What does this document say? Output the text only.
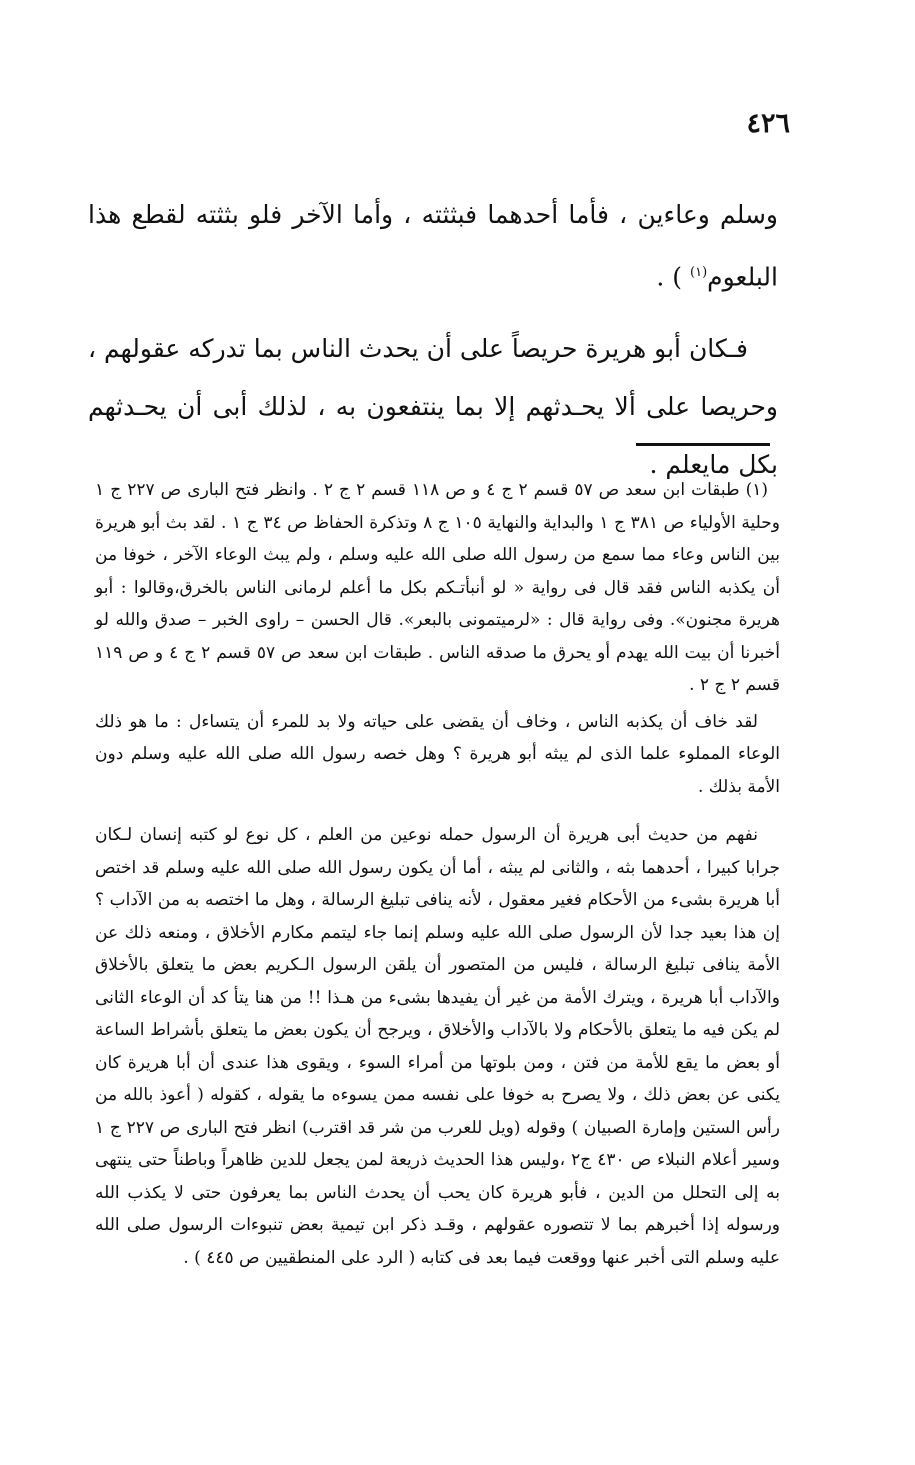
٤٢٦

وسلم وعاءين ، فأما أحدهما فبثثته ، وأما الآخر فلو بثثته لقطع هذا البلعوم$^{(١)}$ ) .

فـكان أبو هريرة حريصاً على أن يحدث الناس بما تدركه عقولهم ، وحريصا على ألا يحـدثهم إلا بما ينتفعون به ، لذلك أبى أن يحـدثهم بكل مايعلم .

(١) طبقات ابن سعد ص ٥٧ قسم ٢ ج ٤ و ص ١١٨ قسم ٢ ج ٢ . وانظر فتح البارى ص ٢٢٧ ج ١ وحلية الأولياء ص ٣٨١ ج ١ والبداية والنهاية ١٠٥ ج ٨ وتذكرة الحفاظ ص ٣٤ ج ١ . لقد بث أبو هريرة بين الناس وعاء مما سمع من رسول الله صلى الله عليه وسلم ، ولم يبث الوعاء الآخر ، خوفا من أن يكذبه الناس فقد قال فى رواية « لو أنبأتـكم بكل ما أعلم لرمانى الناس بالخرق،وقالوا : أبو هريرة مجنون». وفى رواية قال : «لرميتمونى بالبعر». قال الحسن – راوى الخبر – صدق والله لو أخبرنا أن بيت الله يهدم أو يحرق ما صدقه الناس . طبقات ابن سعد ص ٥٧ قسم ٢ ج ٤ و ص ١١٩ قسم ٢ ج ٢ .

لقد خاف أن يكذبه الناس ، وخاف أن يقضى على حياته ولا بد للمرء أن يتساءل : ما هو ذلك الوعاء المملوء علما الذى لم يبثه أبو هريرة ؟ وهل خصه رسول الله صلى الله عليه وسلم دون الأمة بذلك .

نفهم من حديث أبى هريرة أن الرسول حمله نوعين من العلم ، كل نوع لو كتبه إنسان لـكان جرابا كبيرا ، أحدهما بثه ، والثانى لم يبثه ، أما أن يكون رسول الله صلى الله عليه وسلم قد اختص أبا هريرة بشىء من الأحكام فغير معقول ، لأنه ينافى تبليغ الرسالة ، وهل ما اختصه به من الآداب ؟ إن هذا بعيد جدا لأن الرسول صلى الله عليه وسلم إنما جاء ليتمم مكارم الأخلاق ، ومنعه ذلك عن الأمة ينافى تبليغ الرسالة ، فليس من المتصور أن يلقن الرسول الـكريم بعض ما يتعلق بالأخلاق والآداب أبا هريرة ، ويترك الأمة من غير أن يفيدها بشىء من هـذا !! من هنا يتأ كد أن الوعاء الثانى لم يكن فيه ما يتعلق بالأحكام ولا بالآداب والأخلاق ، ويرجح أن يكون بعض ما يتعلق بأشراط الساعة أو بعض ما يقع للأمة من فتن ، ومن بلوتها من أمراء السوء ، ويقوى هذا عندى أن أبا هريرة كان يكنى عن بعض ذلك ، ولا يصرح به خوفا على نفسه ممن يسوءه ما يقوله ، كقوله ( أعوذ بالله من رأس الستين وإمارة الصبيان ) وقوله (ويل للعرب من شر قد اقترب) انظر فتح البارى ص ٢٢٧ ج ١ وسير أعلام النبلاء ص ٤٣٠ ج٢ ،وليس هذا الحديث ذريعة لمن يجعل للدين ظاهراً وباطناً حتى ينتهى به إلى التحلل من الدين ، فأبو هريرة كان يحب أن يحدث الناس بما يعرفون حتى لا يكذب الله ورسوله إذا أخبرهم بما لا تتصوره عقولهم ، وقـد ذكر ابن تيمية بعض تنبوءات الرسول صلى الله عليه وسلم التى أخبر عنها ووقعت فيما بعد فى كتابه ( الرد على المنطقيين ص ٤٤٥ ) .
